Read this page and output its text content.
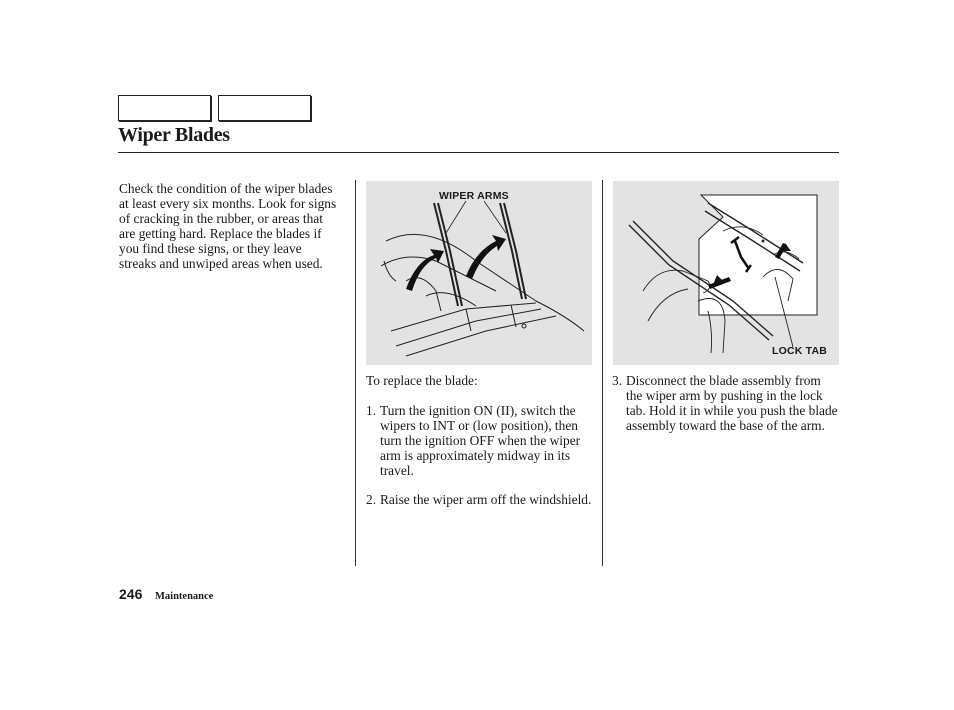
Wiper Blades
Check the condition of the wiper blades at least every six months. Look for signs of cracking in the rubber, or areas that are getting hard. Replace the blades if you find these signs, or they leave streaks and unwiped areas when used.
WIPER ARMS
LOCK TAB
To replace the blade:
1. Turn the ignition ON (II), switch the wipers to INT or (low position), then turn the ignition OFF when the wiper arm is approximately midway in its travel.
2. Raise the wiper arm off the windshield.
3. Disconnect the blade assembly from the wiper arm by pushing in the lock tab. Hold it in while you push the blade assembly toward the base of the arm.
246 Maintenance
